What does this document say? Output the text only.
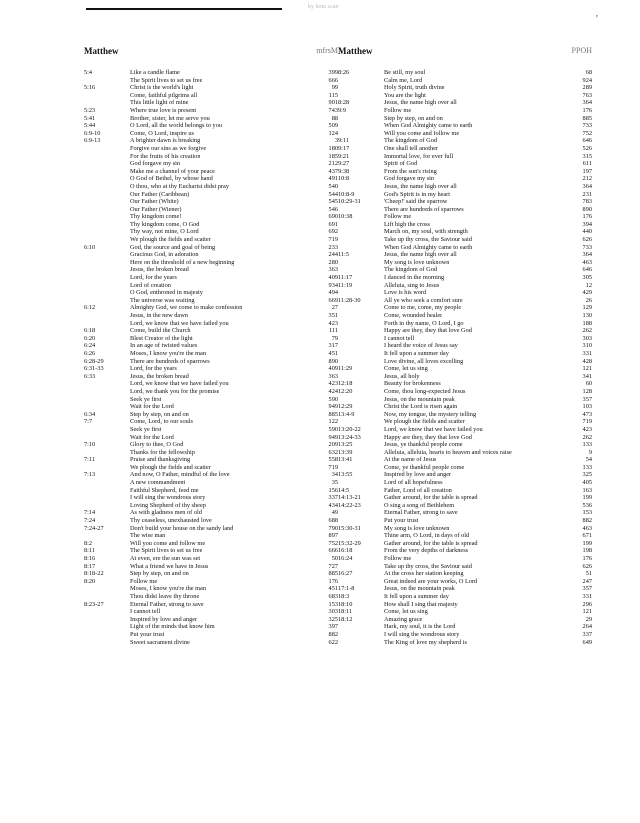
ky hom scan
'
Matthew	mfrsM
5:4	Like a candle flame	399
The Spirit lives to set us free	666
5:16	Christ is the world's light	99
Come, faithful pilgrims all	115
This little light of mine	901
5:23	Where true love is present	743
5:41	Brother, sister, let me serve you	88
5:44	O Lord, all the world belongs to you	509
6:9-10	Come, O Lord, inspire us	124
6:9-13	A brighter dawn is breaking	3
Forgive our sins as we forgive	180
For the fruits of his creation	185
God forgave my sin	212
Make me a channel of your peace	437
O God of Bethel, by whose hand	491
O thou, who at thy Eucharist didst pray	540
Our Father (Caribbean)	544
Our Father (White)	545
Our Father (Wiener)	546
Thy kingdom come!	690
Thy kingdom come, O God	691
Thy way, not mine, O Lord	692
We plough the fields and scatter	719
6:10	God, the source and goal of being	233
Gracious God, in adoration	244
Here on the threshold of a new beginning	280
Jesus, the broken bread	363
Lord, for the years	409
Lord of creation	934
O God, enthroned in majesty	494
The universe was waiting	669
6:12	Almighty God, we come to make confession	27
Jesus, in the new dawn	351
Lord, we know that we have failed you	423
6:18	Come, build the Church	111
6:20	Blest Creator of the light	79
6:24	In an age of twisted values	317
6:26	Moses, I know you're the man	451
6:28-29	There are hundreds of sparrows	890
6:31-33	Lord, for the years	409
6:33	Jesus, the broken bread	363
Lord, we know that we have failed you	423
Lord, we thank you for the promise	424
Seek ye first	590
Wait for the Lord	949
6:34	Step by step, on and on	885
7:7	Come, Lord, to our souls	122
Seek ye first	590
Wait for the Lord	949
7:10	Glory to thee, O God	209
Thanks for the fellowship	632
7:11	Praise and thanksgiving	558
We plough the fields and scatter	719
7:13	And now, O Father, mindful of the love	34
A new commandment	35
Faithful Shepherd, feed me	156
I will sing the wondrous story	337
Loving Shepherd of thy sheep	434
7:14	As with gladness men of old	49
7:24	Thy ceaseless, unexhausted love	688
7:24-27	Don't build your house on the sandy land	790
The wise man	897
8:2	Will you come and follow me	752
8:11	The Spirit lives to set us free	666
8:16	At even, ere the sun was set	50
8:17	What a friend we have in Jesus	727
8:18-22	Step by step, on and on	885
8:20	Follow me	176
Moses, I know you're the man	451
Thou didst leave thy throne	683
8:23-27	Eternal Father, strong to save	153
I cannot tell	303
Inspired by love and anger	325
Light of the minds that know him	397
Put your trust	882
Sweet sacrament divine	622
Matthew	PPOH
8:26	Be still, my soul	68
Calm me, Lord	924
Holy Spirit, truth divine	289
You are the light	763
8:28	Jesus, the name high over all	364
9:9	Follow me	176
Step by step, on and on	885
When God Almighty came to earth	733
Will you come and follow me	752
9:11	The kingdom of God	646
9:17	One shall tell another	526
9:21	Immortal love, for ever full	315
9:27	Spirit of God	611
9:38	From the sun's rising	197
10:8	God forgave my sin	212
Jesus, the name high over all	364
10:8-9	God's Spirit is in my heart	231
10:29-31	'Cheep!' said the sparrow	783
There are hundreds of sparrows	890
10:38	Follow me	176
Lift high the cross	394
March on, my soul, with strength	440
Take up thy cross, the Saviour said	626
When God Almighty came to earth	733
11:5	Jesus, the name high over all	364
My song is love unknown	463
The kingdom of God	646
11:17	I danced in the morning	305
11:19	Alleluia, sing to Jesus	12
Love is his word	429
11:28-30	All ye who seek a comfort sure	26
Come to me, come, my people	129
Come, wounded healer	130
Forth in thy name, O Lord, I go	188
Happy are they, they that love God	262
I cannot tell	303
I heard the voice of Jesus say	310
It fell upon a summer day	331
Love divine, all loves excelling	428
11:29	Come, let us sing	121
Jesus, all holy	341
12:18	Beauty for brokenness	60
12:20	Come, thou long-expected Jesus	128
Jesus, on the mountain peak	357
12:29	Christ the Lord is risen again	103
13:4-9	Now, my tongue, the mystery telling	473
We plough the fields and scatter	719
13:20-22	Lord, we know that we have failed you	423
13:24-33	Happy are they, they that love God	262
13:25	Jesus, ye thankful people come	133
13:39	Alleluia, alleluia, hearts to heaven and voices raise	9
13:41	At the name of Jesus	54
Come, ye thankful people come	133
13:55	Inspired by love and anger	325
Lord of all hopefulness	405
14:5	Father, Lord of all creation	163
14:13-21	Gather around, for the table is spread	199
14:22-23	O sing a song of Bethlehem	536
Eternal Father, strong to save	153
Put your trust	882
15:30-31	My song is love unknown	463
Thine arm, O Lord, in days of old	671
15:32-29	Gather around, for the table is spread	199
16:18	From the very depths of darkness	198
16:24	Follow me	176
Take up thy cross, the Saviour said	626
16:27	At the cross her station keeping	51
Great indeed are your works, O Lord	247
17:1-8	Jesus, on the mountain peak	357
18:3	It fell upon a summer day	331
18:10	How shall I sing that majesty	296
18:11	Come, let us sing	121
18:12	Amazing grace	29
Hark, my soul, it is the Lord	264
I will sing the wondrous story	337
The King of love my shepherd is	649
